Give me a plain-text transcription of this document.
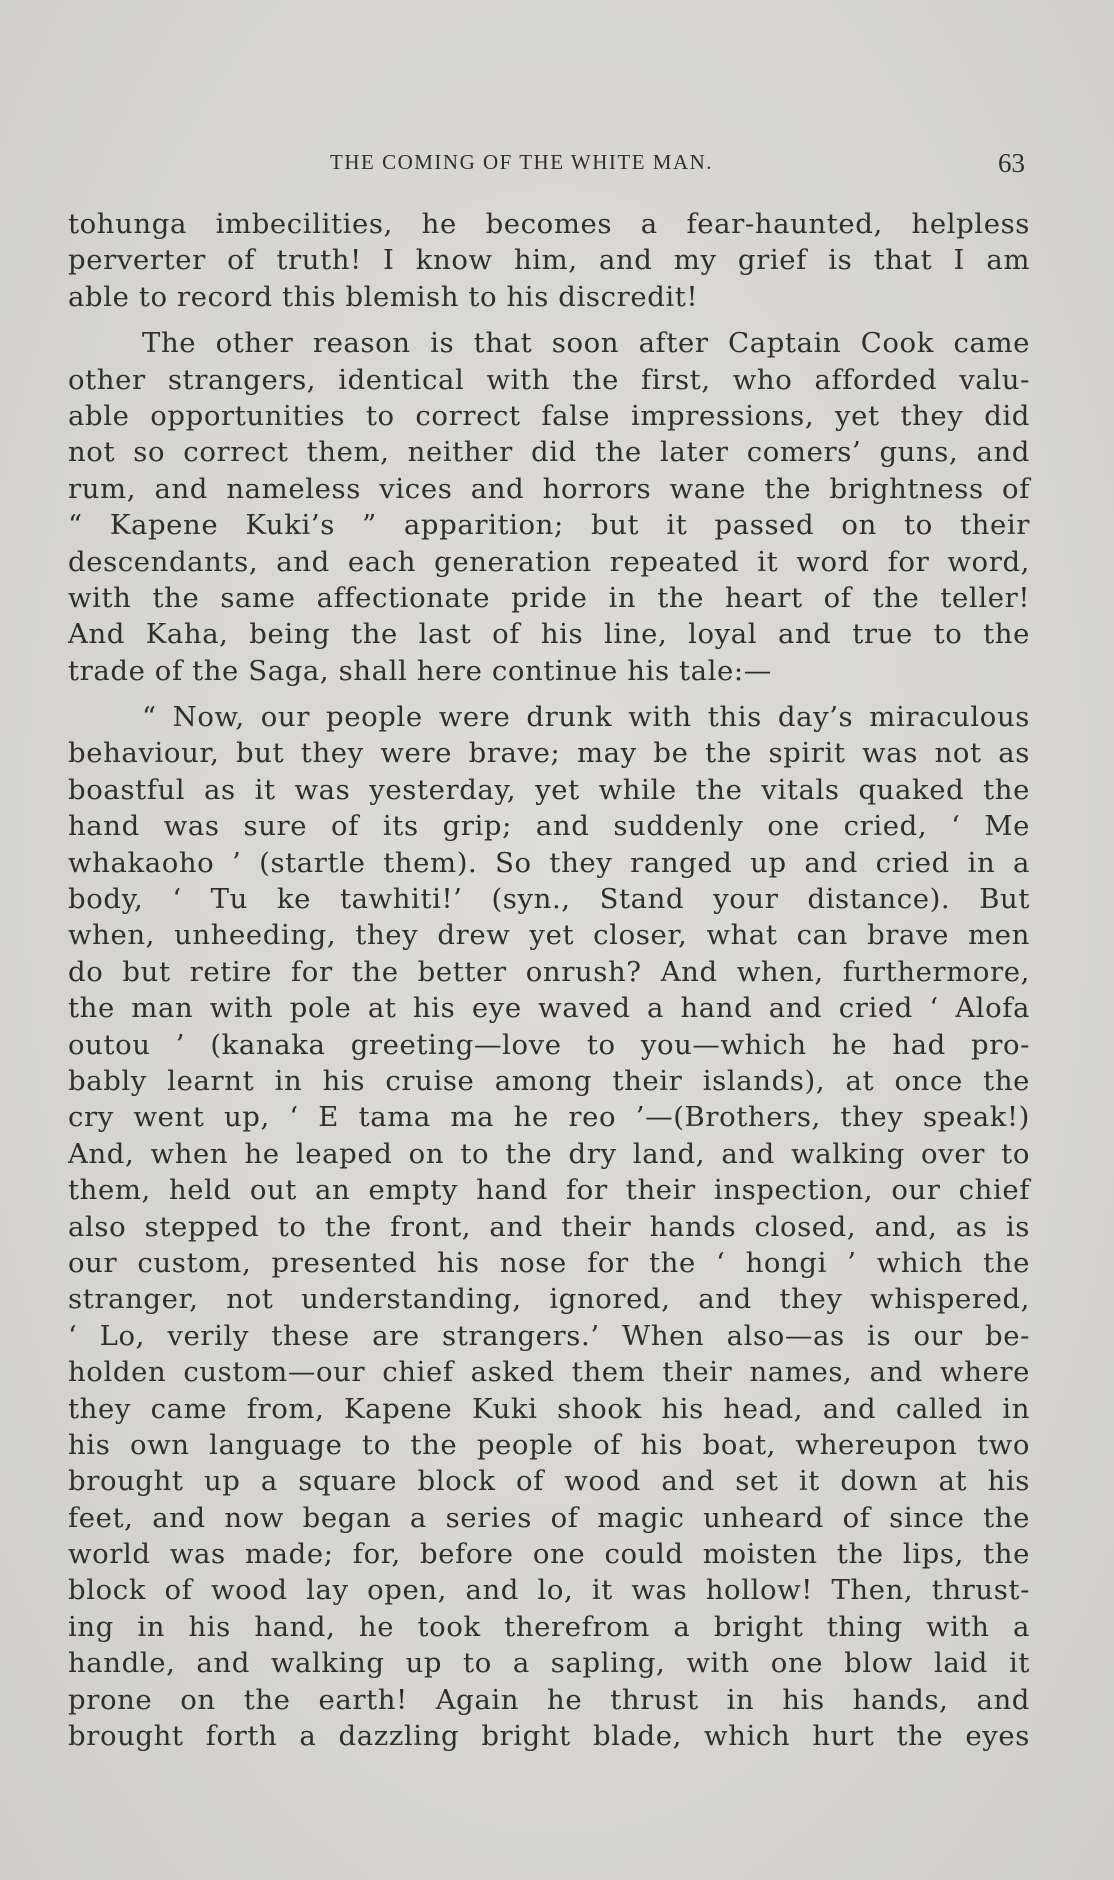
THE COMING OF THE WHITE MAN.	63
tohunga imbecilities, he becomes a fear-haunted, helpless
perverter of truth! I know him, and my grief is that I am
able to record this blemish to his discredit!
The other reason is that soon after Captain Cook came
other strangers, identical with the first, who afforded valu-
able opportunities to correct false impressions, yet they did
not so correct them, neither did the later comers’ guns, and
rum, and nameless vices and horrors wane the brightness of
“ Kapene Kuki’s ” apparition; but it passed on to their
descendants, and each generation repeated it word for word,
with the same affectionate pride in the heart of the teller!
And Kaha, being the last of his line, loyal and true to the
trade of the Saga, shall here continue his tale:—
“ Now, our people were drunk with this day’s miraculous
behaviour, but they were brave; may be the spirit was not as
boastful as it was yesterday, yet while the vitals quaked the
hand was sure of its grip; and suddenly one cried, ‘ Me
whakaoho ’ (startle them). So they ranged up and cried in a
body, ‘ Tu ke tawhiti!’ (syn., Stand your distance). But
when, unheeding, they drew yet closer, what can brave men
do but retire for the better onrush? And when, furthermore,
the man with pole at his eye waved a hand and cried ‘ Alofa
outou ’ (kanaka greeting—love to you—which he had pro-
bably learnt in his cruise among their islands), at once the
cry went up, ‘ E tama ma he reo ’—(Brothers, they speak!)
And, when he leaped on to the dry land, and walking over to
them, held out an empty hand for their inspection, our chief
also stepped to the front, and their hands closed, and, as is
our custom, presented his nose for the ‘ hongi ’ which the
stranger, not understanding, ignored, and they whispered,
‘ Lo, verily these are strangers.’ When also—as is our be-
holden custom—our chief asked them their names, and where
they came from, Kapene Kuki shook his head, and called in
his own language to the people of his boat, whereupon two
brought up a square block of wood and set it down at his
feet, and now began a series of magic unheard of since the
world was made; for, before one could moisten the lips, the
block of wood lay open, and lo, it was hollow! Then, thrust-
ing in his hand, he took therefrom a bright thing with a
handle, and walking up to a sapling, with one blow laid it
prone on the earth! Again he thrust in his hands, and
brought forth a dazzling bright blade, which hurt the eyes
